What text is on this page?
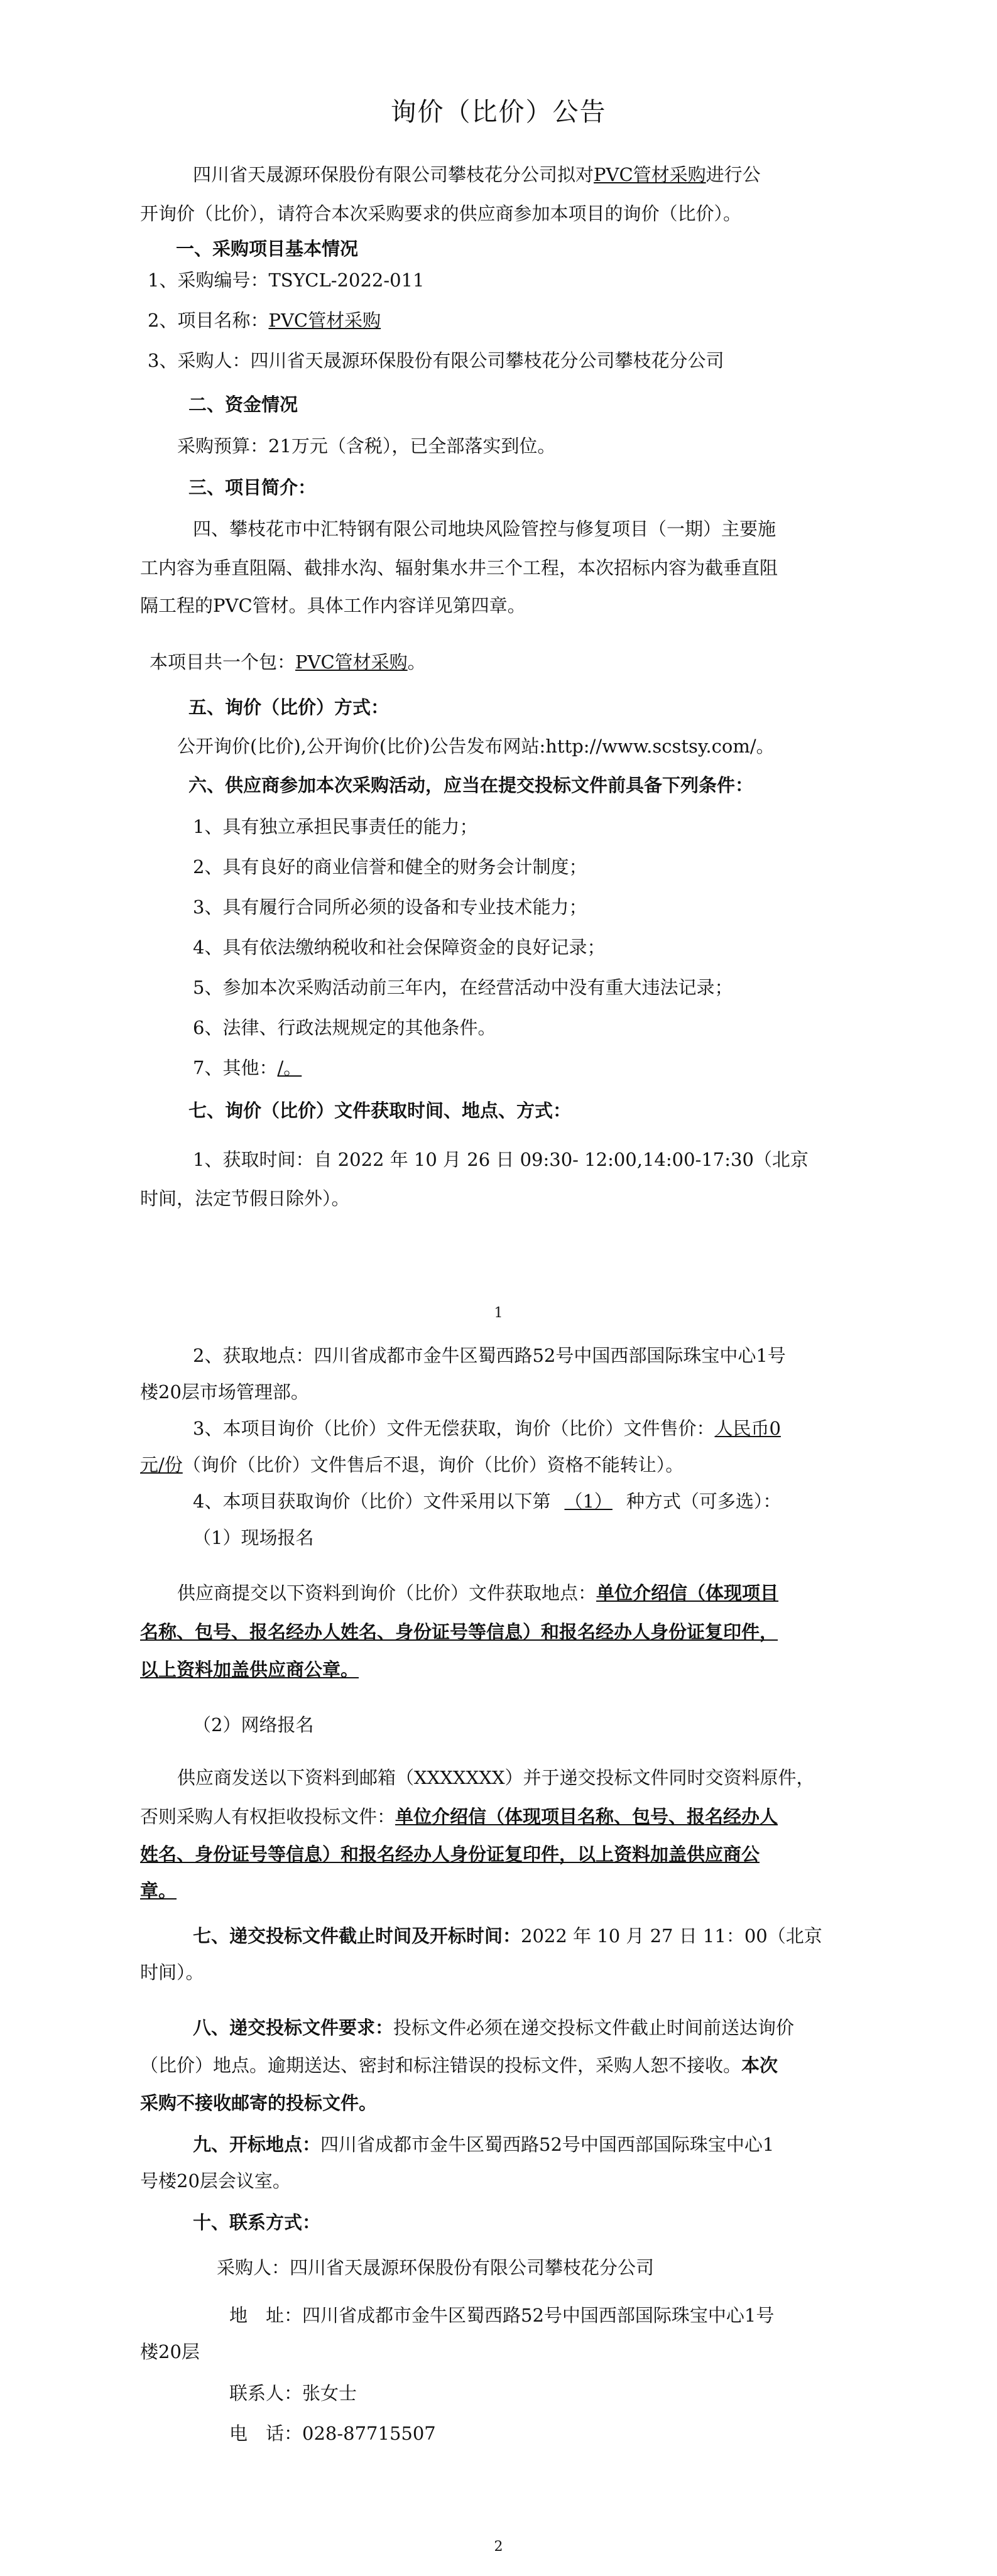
询价（比价）公告
四川省天晟源环保股份有限公司攀枝花分公司拟对PVC管材采购进行公
开询价（比价），请符合本次采购要求的供应商参加本项目的询价（比价）。
一、采购项目基本情况
1、采购编号：TSYCL-2022-011
2、项目名称：PVC管材采购
3、采购人：四川省天晟源环保股份有限公司攀枝花分公司攀枝花分公司
二、资金情况
采购预算：21万元（含税），已全部落实到位。
三、项目简介：
四、攀枝花市中汇特钢有限公司地块风险管控与修复项目（一期）主要施
工内容为垂直阻隔、截排水沟、辐射集水井三个工程，本次招标内容为截垂直阻
隔工程的PVC管材。具体工作内容详见第四章。
本项目共一个包：PVC管材采购。
五、询价（比价）方式：
公开询价(比价),公开询价(比价)公告发布网站:http://www.scstsy.com/。
六、供应商参加本次采购活动，应当在提交投标文件前具备下列条件：
1、具有独立承担民事责任的能力；
2、具有良好的商业信誉和健全的财务会计制度；
3、具有履行合同所必须的设备和专业技术能力；
4、具有依法缴纳税收和社会保障资金的良好记录；
5、参加本次采购活动前三年内，在经营活动中没有重大违法记录；
6、法律、行政法规规定的其他条件。
7、其他：/。
七、询价（比价）文件获取时间、地点、方式：
1、获取时间：自 2022 年 10 月 26 日 09:30- 12:00,14:00-17:30（北京
时间，法定节假日除外）。
1
2、获取地点：四川省成都市金牛区蜀西路52号中国西部国际珠宝中心1号
楼20层市场管理部。
3、本项目询价（比价）文件无偿获取，询价（比价）文件售价：人民币0
元/份（询价（比价）文件售后不退，询价（比价）资格不能转让）。
4、本项目获取询价（比价）文件采用以下第 （1） 种方式（可多选）：
（1）现场报名
供应商提交以下资料到询价（比价）文件获取地点：单位介绍信（体现项目
名称、包号、报名经办人姓名、身份证号等信息）和报名经办人身份证复印件，
以上资料加盖供应商公章。
（2）网络报名
供应商发送以下资料到邮箱（XXXXXXX）并于递交投标文件同时交资料原件，
否则采购人有权拒收投标文件：单位介绍信（体现项目名称、包号、报名经办人
姓名、身份证号等信息）和报名经办人身份证复印件，以上资料加盖供应商公
章。
七、递交投标文件截止时间及开标时间：2022 年 10 月 27 日 11：00（北京
时间）。
八、递交投标文件要求：投标文件必须在递交投标文件截止时间前送达询价
（比价）地点。逾期送达、密封和标注错误的投标文件，采购人恕不接收。本次
采购不接收邮寄的投标文件。
九、开标地点：四川省成都市金牛区蜀西路52号中国西部国际珠宝中心1
号楼20层会议室。
十、联系方式：
采购人：四川省天晟源环保股份有限公司攀枝花分公司
地　址：四川省成都市金牛区蜀西路52号中国西部国际珠宝中心1号
楼20层
联系人：张女士
电　话：028-87715507
2
